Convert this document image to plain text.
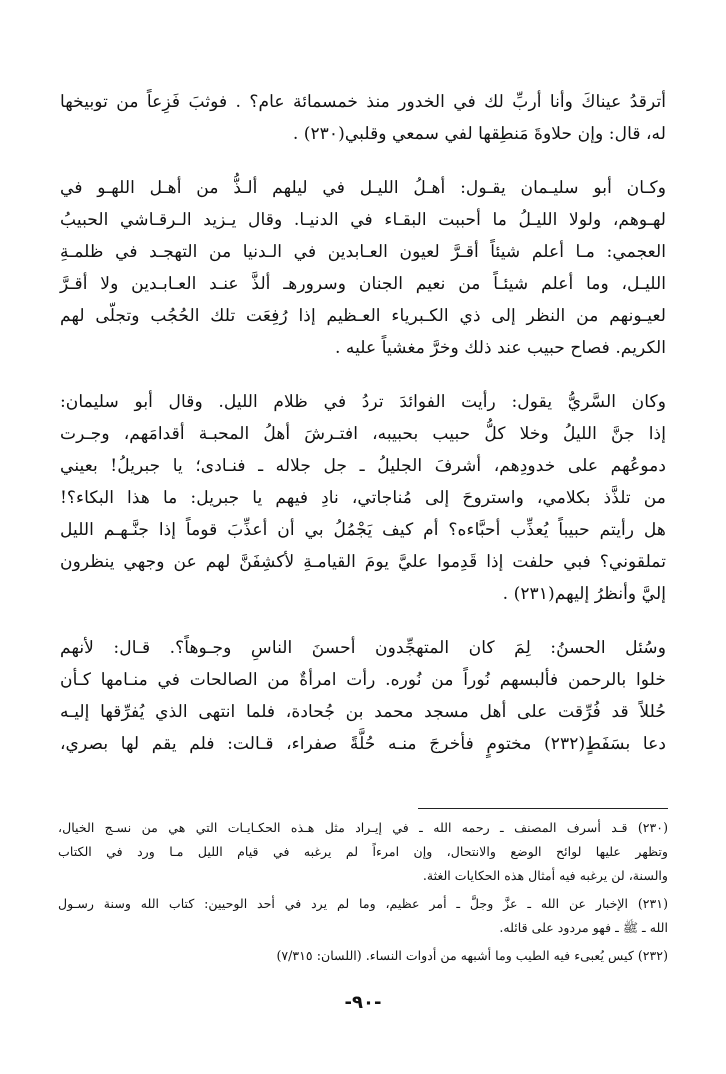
أترقدُ عيناكَ وأنا أربِّ لك في الخدور منذ خمسمائة عام؟ . فوثبَ فَزِعاً من توبيخها
له، قال: وإن حلاوةَ مَنطِقها لفي سمعي وقلبي(٢٣٠) .

وكـان أبو سليـمان يقـول: أهـلُ الليـل في ليلهم ألـذُّ من أهـل اللهـو في
لهـوهم، ولولا الليـلُ ما أحببت البقـاء في الدنيـا. وقال يـزيد الـرقـاشي الحبيبُ
العجمي: مـا أعلم شيئاً أقـرَّ لعيون العـابدين في الـدنيا من التهجـد في ظلمـةِ
الليـل، وما أعلم شيئـاً من نعيم الجنان وسرورهـ ألذَّ عنـد العـابـدين ولا أقـرَّ
لعيـونهم من النظر إلى ذي الكـبرياء العـظيم إذا رُفِعَت تلك الحُجُب وتجلّى لهم
الكريم. فصاح حبيب عند ذلك وخرَّ مغشياً عليه .

وكان السَّريُّ يقول: رأيت الفوائدَ تردُ في ظلام الليل. وقال أبو سليمان:
إذا جنَّ الليلُ وخلا كلُّ حبيب بحبيبه، افتـرشَ أهلُ المحبـة أقدامَهم، وجـرت
دموعُهم على خدودِهم، أشرفَ الجليلُ ـ جل جلاله ـ فنـادى؛ يا جبريلُ! بعيني
من تلذَّذ بكلامي، واستروحَ إلى مُناجاتي، نادِ فيهم يا جبريل: ما هذا البكاء؟!
هل رأيتم حبيباً يُعذِّب أحبَّاءه؟ أم كيف يَجْمُلُ بي أن أعذِّبَ قوماً إذا جنَّـهـم الليل
تملقوني؟ فبي حلفت إذا قَدِموا عليَّ يومَ القيامـةِ لأكشِفَنَّ لهم عن وجهي ينظرون
إليَّ وأنظرُ إليهم(٢٣١) .

وسُئل الحسنُ: لِمَ كان المتهجِّدون أحسنَ الناسِ وجـوهاً؟. قـال: لأنهم
خلوا بالرحمن فألبسهم نُوراً من نُوره. رأت امرأةٌ من الصالحات في منـامها كـأن
حُللاً قد فُرِّقت على أهل مسجد محمد بن جُحادة، فلما انتهى الذي يُفرِّقها إليـه
دعا بسَفَطٍ(٢٣٢) مختومٍ فأخرجَ منـه حُلَّةً صفراء، قـالت: فلم يقم لها بصري،

(٢٣٠) قـد أسرف المصنف ـ رحمه الله ـ في إيـراد مثل هـذه الحكـايـات التي هي من نسـج الخيال،
وتظهر عليها لوائح الوضع والانتحال، وإن امرءاً لم يرغبه في قيام الليل مـا ورد في الكتاب
والسنة، لن يرغبه فيه أمثال هذه الحكايات الغثة.
(٢٣١) الإخبار عن الله ـ عزَّ وجلَّ ـ أمر عظيم، وما لم يرد في أحد الوحيين: كتاب الله وسنة رسـول
الله ـ ﷺ ـ فهو مردود على قائله.
(٢٣٢) كيس يُعبىء فيه الطيب وما أشبهه من أدوات النساء. (اللسان: ٧/٣١٥)
-٩٠-
